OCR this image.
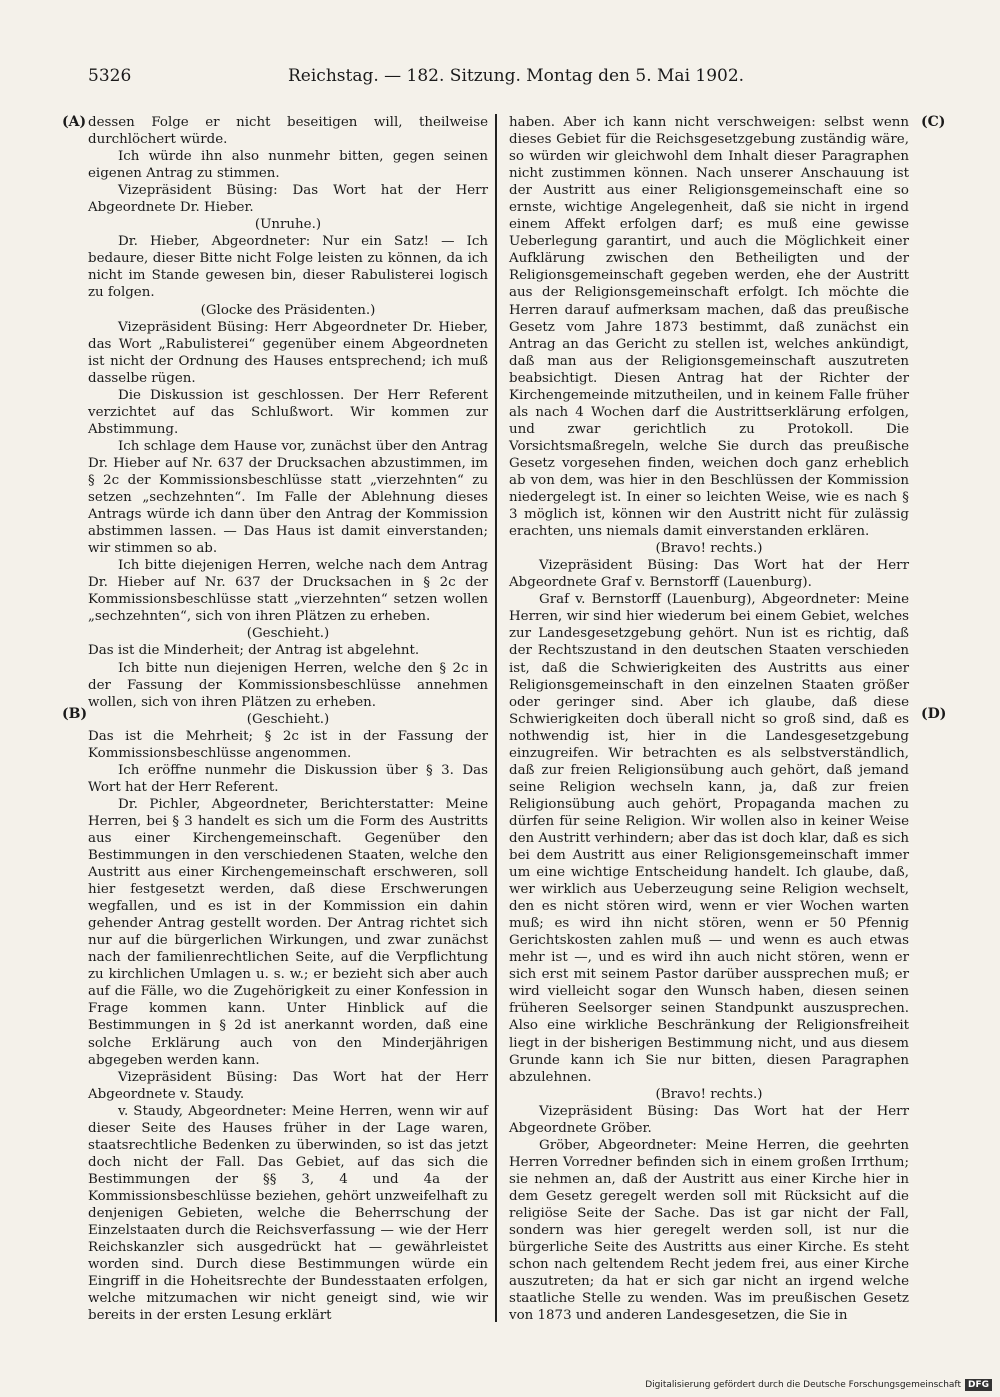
5326	Reichstag. — 182. Sitzung. Montag den 5. Mai 1902.
(A)
(B)
(C)
(D)

dessen Folge er nicht beseitigen will, theilweise durchlöchert würde.

Ich würde ihn also nunmehr bitten, gegen seinen eigenen Antrag zu stimmen.

Vizepräsident Büsing: Das Wort hat der Herr Abgeordnete Dr. Hieber.

(Unruhe.)

Dr. Hieber, Abgeordneter: Nur ein Satz! — Ich bedaure, dieser Bitte nicht Folge leisten zu können, da ich nicht im Stande gewesen bin, dieser Rabulisterei logisch zu folgen.

(Glocke des Präsidenten.)

Vizepräsident Büsing: Herr Abgeordneter Dr. Hieber, das Wort „Rabulisterei“ gegenüber einem Abgeordneten ist nicht der Ordnung des Hauses entsprechend; ich muß dasselbe rügen.

Die Diskussion ist geschlossen. Der Herr Referent verzichtet auf das Schlußwort. Wir kommen zur Abstimmung.

Ich schlage dem Hause vor, zunächst über den Antrag Dr. Hieber auf Nr. 637 der Drucksachen abzustimmen, im § 2c der Kommissionsbeschlüsse statt „vierzehnten“ zu setzen „sechzehnten“. Im Falle der Ablehnung dieses Antrags würde ich dann über den Antrag der Kommission abstimmen lassen. — Das Haus ist damit einverstanden; wir stimmen so ab.

Ich bitte diejenigen Herren, welche nach dem Antrag Dr. Hieber auf Nr. 637 der Drucksachen in § 2c der Kommissionsbeschlüsse statt „vierzehnten“ setzen wollen „sechzehnten“, sich von ihren Plätzen zu erheben.

(Geschieht.)

Das ist die Minderheit; der Antrag ist abgelehnt.

Ich bitte nun diejenigen Herren, welche den § 2c in der Fassung der Kommissionsbeschlüsse annehmen wollen, sich von ihren Plätzen zu erheben.

(Geschieht.)

Das ist die Mehrheit; § 2c ist in der Fassung der Kommissionsbeschlüsse angenommen.

Ich eröffne nunmehr die Diskussion über § 3. Das Wort hat der Herr Referent.

Dr. Pichler, Abgeordneter, Berichterstatter: Meine Herren, bei § 3 handelt es sich um die Form des Austritts aus einer Kirchengemeinschaft. Gegenüber den Bestimmungen in den verschiedenen Staaten, welche den Austritt aus einer Kirchengemeinschaft erschweren, soll hier festgesetzt werden, daß diese Erschwerungen wegfallen, und es ist in der Kommission ein dahin gehender Antrag gestellt worden. Der Antrag richtet sich nur auf die bürgerlichen Wirkungen, und zwar zunächst nach der familienrechtlichen Seite, auf die Verpflichtung zu kirchlichen Umlagen u. s. w.; er bezieht sich aber auch auf die Fälle, wo die Zugehörigkeit zu einer Konfession in Frage kommen kann. Unter Hinblick auf die Bestimmungen in § 2d ist anerkannt worden, daß eine solche Erklärung auch von den Minderjährigen abgegeben werden kann.

Vizepräsident Büsing: Das Wort hat der Herr Abgeordnete v. Staudy.

v. Staudy, Abgeordneter: Meine Herren, wenn wir auf dieser Seite des Hauses früher in der Lage waren, staatsrechtliche Bedenken zu überwinden, so ist das jetzt doch nicht der Fall. Das Gebiet, auf das sich die Bestimmungen der §§ 3, 4 und 4a der Kommissionsbeschlüsse beziehen, gehört unzweifelhaft zu denjenigen Gebieten, welche die Beherrschung der Einzelstaaten durch die Reichsverfassung — wie der Herr Reichskanzler sich ausgedrückt hat — gewährleistet worden sind. Durch diese Bestimmungen würde ein Eingriff in die Hoheitsrechte der Bundesstaaten erfolgen, welche mitzumachen wir nicht geneigt sind, wie wir bereits in der ersten Lesung erklärt

haben. Aber ich kann nicht verschweigen: selbst wenn dieses Gebiet für die Reichsgesetzgebung zuständig wäre, so würden wir gleichwohl dem Inhalt dieser Paragraphen nicht zustimmen können. Nach unserer Anschauung ist der Austritt aus einer Religionsgemeinschaft eine so ernste, wichtige Angelegenheit, daß sie nicht in irgend einem Affekt erfolgen darf; es muß eine gewisse Ueberlegung garantirt, und auch die Möglichkeit einer Aufklärung zwischen den Betheiligten und der Religionsgemeinschaft gegeben werden, ehe der Austritt aus der Religionsgemeinschaft erfolgt. Ich möchte die Herren darauf aufmerksam machen, daß das preußische Gesetz vom Jahre 1873 bestimmt, daß zunächst ein Antrag an das Gericht zu stellen ist, welches ankündigt, daß man aus der Religionsgemeinschaft auszutreten beabsichtigt. Diesen Antrag hat der Richter der Kirchengemeinde mitzutheilen, und in keinem Falle früher als nach 4 Wochen darf die Austrittserklärung erfolgen, und zwar gerichtlich zu Protokoll. Die Vorsichtsmaßregeln, welche Sie durch das preußische Gesetz vorgesehen finden, weichen doch ganz erheblich ab von dem, was hier in den Beschlüssen der Kommission niedergelegt ist. In einer so leichten Weise, wie es nach § 3 möglich ist, können wir den Austritt nicht für zulässig erachten, uns niemals damit einverstanden erklären.

(Bravo! rechts.)

Vizepräsident Büsing: Das Wort hat der Herr Abgeordnete Graf v. Bernstorff (Lauenburg).

Graf v. Bernstorff (Lauenburg), Abgeordneter: Meine Herren, wir sind hier wiederum bei einem Gebiet, welches zur Landesgesetzgebung gehört. Nun ist es richtig, daß der Rechtszustand in den deutschen Staaten verschieden ist, daß die Schwierigkeiten des Austritts aus einer Religionsgemeinschaft in den einzelnen Staaten größer oder geringer sind. Aber ich glaube, daß diese Schwierigkeiten doch überall nicht so groß sind, daß es nothwendig ist, hier in die Landesgesetzgebung einzugreifen. Wir betrachten es als selbstverständlich, daß zur freien Religionsübung auch gehört, daß jemand seine Religion wechseln kann, ja, daß zur freien Religionsübung auch gehört, Propaganda machen zu dürfen für seine Religion. Wir wollen also in keiner Weise den Austritt verhindern; aber das ist doch klar, daß es sich bei dem Austritt aus einer Religionsgemeinschaft immer um eine wichtige Entscheidung handelt. Ich glaube, daß, wer wirklich aus Ueberzeugung seine Religion wechselt, den es nicht stören wird, wenn er vier Wochen warten muß; es wird ihn nicht stören, wenn er 50 Pfennig Gerichtskosten zahlen muß — und wenn es auch etwas mehr ist —, und es wird ihn auch nicht stören, wenn er sich erst mit seinem Pastor darüber aussprechen muß; er wird vielleicht sogar den Wunsch haben, diesen seinen früheren Seelsorger seinen Standpunkt auszusprechen. Also eine wirkliche Beschränkung der Religionsfreiheit liegt in der bisherigen Bestimmung nicht, und aus diesem Grunde kann ich Sie nur bitten, diesen Paragraphen abzulehnen.

(Bravo! rechts.)

Vizepräsident Büsing: Das Wort hat der Herr Abgeordnete Gröber.

Gröber, Abgeordneter: Meine Herren, die geehrten Herren Vorredner befinden sich in einem großen Irrthum; sie nehmen an, daß der Austritt aus einer Kirche hier in dem Gesetz geregelt werden soll mit Rücksicht auf die religiöse Seite der Sache. Das ist gar nicht der Fall, sondern was hier geregelt werden soll, ist nur die bürgerliche Seite des Austritts aus einer Kirche. Es steht schon nach geltendem Recht jedem frei, aus einer Kirche auszutreten; da hat er sich gar nicht an irgend welche staatliche Stelle zu wenden. Was im preußischen Gesetz von 1873 und anderen Landesgesetzen, die Sie in

Digitalisierung gefördert durch die Deutsche Forschungsgemeinschaft DFG
